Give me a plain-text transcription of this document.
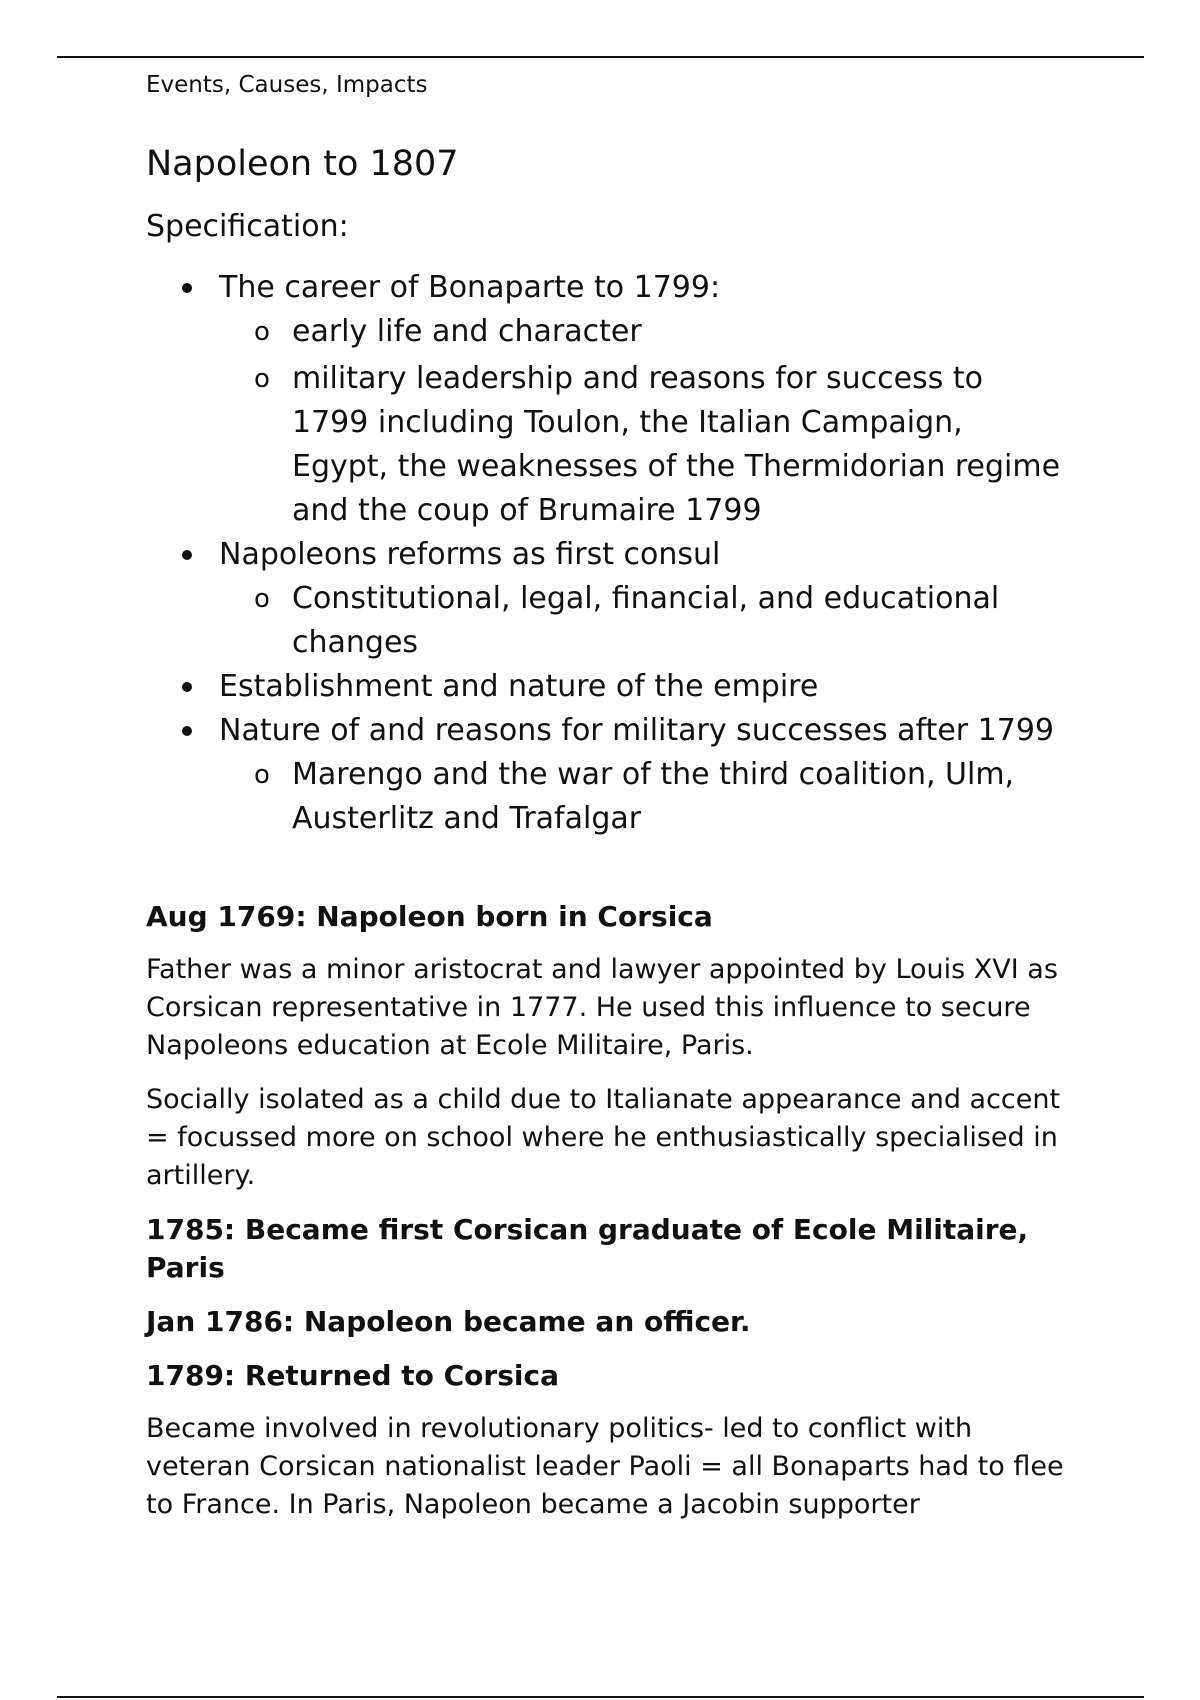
Events, Causes, Impacts

Napoleon to 1807

Specification:

The career of Bonaparte to 1799:
o early life and character
o military leadership and reasons for success to 1799 including Toulon, the Italian Campaign, Egypt, the weaknesses of the Thermidorian regime and the coup of Brumaire 1799
Napoleons reforms as first consul
o Constitutional, legal, financial, and educational changes
Establishment and nature of the empire
Nature of and reasons for military successes after 1799
o Marengo and the war of the third coalition, Ulm, Austerlitz and Trafalgar

Aug 1769: Napoleon born in Corsica

Father was a minor aristocrat and lawyer appointed by Louis XVI as Corsican representative in 1777. He used this influence to secure Napoleons education at Ecole Militaire, Paris.

Socially isolated as a child due to Italianate appearance and accent = focussed more on school where he enthusiastically specialised in artillery.

1785: Became first Corsican graduate of Ecole Militaire, Paris

Jan 1786: Napoleon became an officer.

1789: Returned to Corsica

Became involved in revolutionary politics- led to conflict with veteran Corsican nationalist leader Paoli = all Bonaparts had to flee to France. In Paris, Napoleon became a Jacobin supporter
